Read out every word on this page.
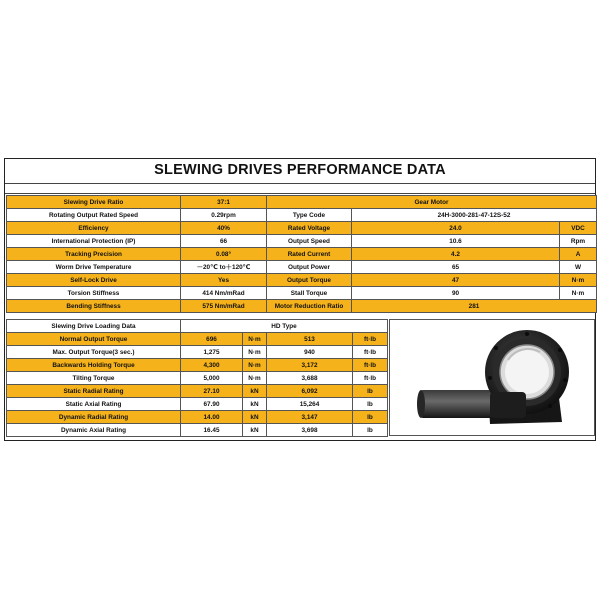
SLEWING DRIVES PERFORMANCE DATA
Slewing Drive Ratio	37:1	Gear Motor		
Rotating Output Rated Speed	0.29rpm	Type Code	24H-3000-281-47-12S-52	
Efficiency	40%	Rated Voltage	24.0	VDC
International Protection (IP)	66	Output Speed	10.6	Rpm
Tracking Precision	0.08°	Rated Current	4.2	A
Worm Drive Temperature	－20℃ to＋120℃	Output Power	65	W
Self-Lock Drive	Yes	Output Torque	47	N·m
Torsion Stiffness	414 Nm/mRad	Stall Torque	90	N·m
Bending Stiffness	575 Nm/mRad	Motor Reduction Ratio	281	
Slewing Drive Loading Data	HD Type			
Normal Output Torque	696	N·m	513	ft·lb
Max. Output Torque(3 sec.)	1,275	N·m	940	ft·lb
Backwards Holding Torque	4,300	N·m	3,172	ft·lb
Tilting Torque	5,000	N·m	3,688	ft·lb
Static Radial Rating	27.10	kN	6,092	lb
Static Axial Rating	67.90	kN	15,264	lb
Dynamic Radial Rating	14.00	kN	3,147	lb
Dynamic Axial Rating	16.45	kN	3,698	lb
